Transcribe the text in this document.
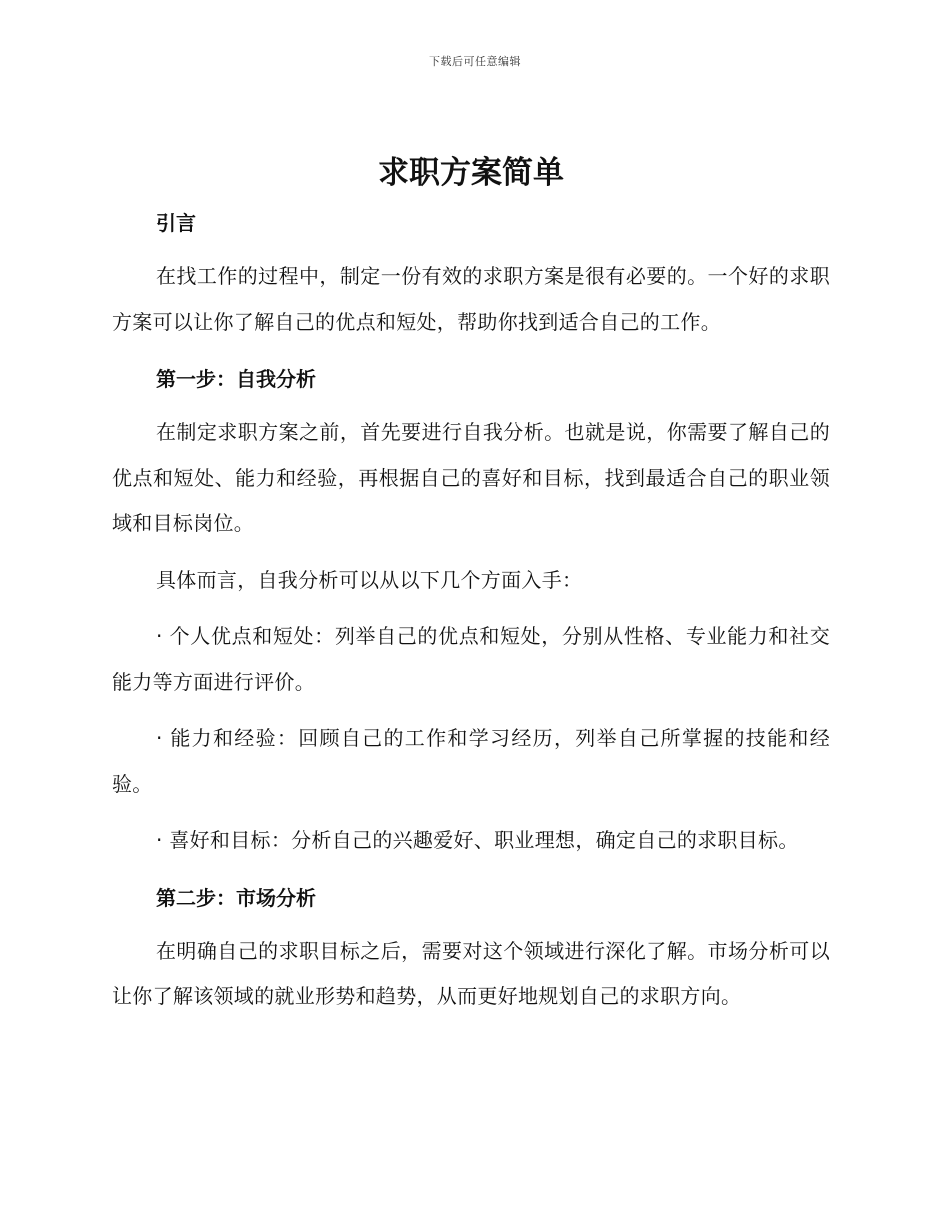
下载后可任意编辑
求职方案简单
引言

在找工作的过程中，制定一份有效的求职方案是很有必要的。一个好的求职方案可以让你了解自己的优点和短处，帮助你找到适合自己的工作。

第一步：自我分析

在制定求职方案之前，首先要进行自我分析。也就是说，你需要了解自己的优点和短处、能力和经验，再根据自己的喜好和目标，找到最适合自己的职业领域和目标岗位。

具体而言，自我分析可以从以下几个方面入手：

· 个人优点和短处：列举自己的优点和短处，分别从性格、专业能力和社交能力等方面进行评价。

· 能力和经验：回顾自己的工作和学习经历，列举自己所掌握的技能和经验。

· 喜好和目标：分析自己的兴趣爱好、职业理想，确定自己的求职目标。

第二步：市场分析

在明确自己的求职目标之后，需要对这个领域进行深化了解。市场分析可以让你了解该领域的就业形势和趋势，从而更好地规划自己的求职方向。
